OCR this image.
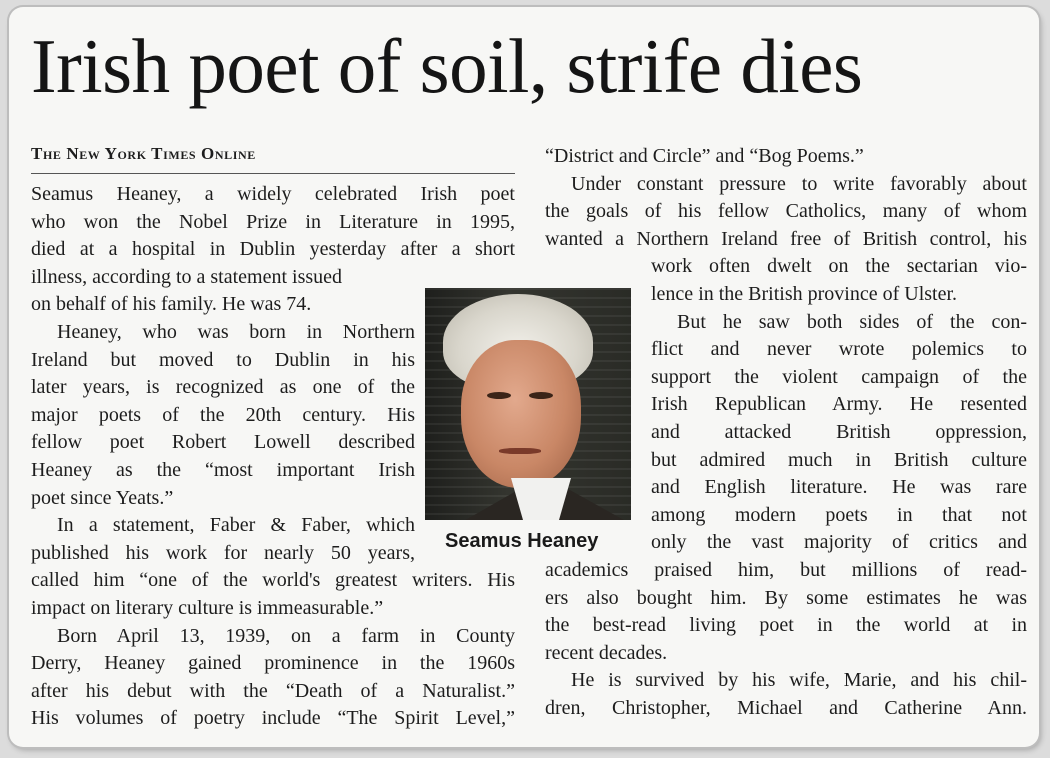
Irish poet of soil, strife dies
The New York Times Online
Seamus Heaney, a widely celebrated Irish poet
who won the Nobel Prize in Literature in 1995,
died at a hospital in Dublin yesterday after a short
illness, according to a statement issued
on behalf of his family. He was 74.
Heaney, who was born in Northern
Ireland but moved to Dublin in his
later years, is recognized as one of the
major poets of the 20th century. His
fellow poet Robert Lowell described
Heaney as the “most important Irish
poet since Yeats.”
In a statement, Faber & Faber, which
published his work for nearly 50 years,
called him “one of the world's greatest writers. His
impact on literary culture is immeasurable.”
Born April 13, 1939, on a farm in County
Derry, Heaney gained prominence in the 1960s
after his debut with the “Death of a Naturalist.”
His volumes of poetry include “The Spirit Level,”
Seamus Heaney
“District and Circle” and “Bog Poems.”
Under constant pressure to write favorably about
the goals of his fellow Catholics, many of whom
wanted a Northern Ireland free of British control, his
work often dwelt on the sectarian vio-
lence in the British province of Ulster.
But he saw both sides of the con-
flict and never wrote polemics to
support the violent campaign of the
Irish Republican Army. He resented
and attacked British oppression,
but admired much in British culture
and English literature. He was rare
among modern poets in that not
only the vast majority of critics and
academics praised him, but millions of read-
ers also bought him. By some estimates he was
the best-read living poet in the world at in
recent decades.
He is survived by his wife, Marie, and his chil-
dren, Christopher, Michael and Catherine Ann.
